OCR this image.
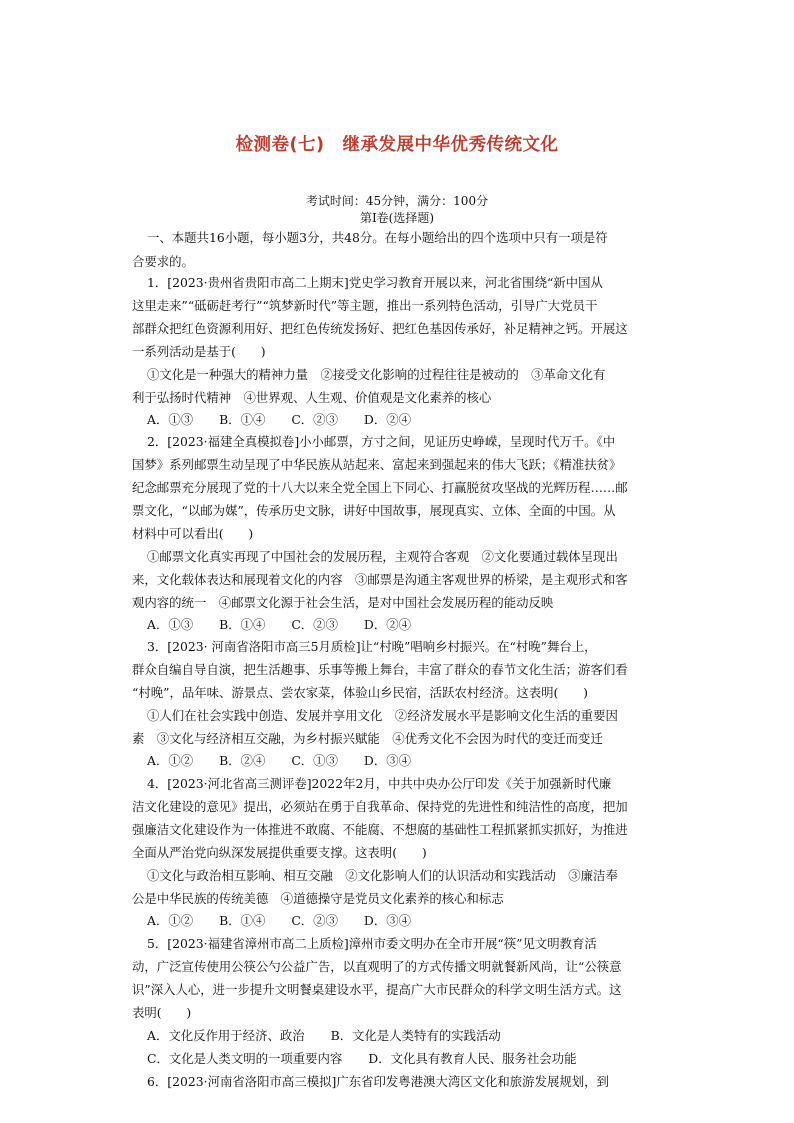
检测卷(七)　继承发展中华优秀传统文化
考试时间：45分钟，满分：100分
第Ⅰ卷(选择题)
一、本题共16小题，每小题3分，共48分。在每小题给出的四个选项中只有一项是符
合要求的。
1．[2023·贵州省贵阳市高二上期末]党史学习教育开展以来，河北省围绕“新中国从
这里走来”“砥砺赶考行”“筑梦新时代”等主题，推出一系列特色活动，引导广大党员干
部群众把红色资源利用好、把红色传统发扬好、把红色基因传承好，补足精神之钙。开展这
一系列活动是基于(　　)
①文化是一种强大的精神力量　②接受文化影响的过程往往是被动的　③革命文化有
利于弘扬时代精神　④世界观、人生观、价值观是文化素养的核心
A．①③ B．①④ C．②③ D．②④
2．[2023·福建全真模拟卷]小小邮票，方寸之间，见证历史峥嵘，呈现时代万千。《中
国梦》系列邮票生动呈现了中华民族从站起来、富起来到强起来的伟大飞跃；《精准扶贫》
纪念邮票充分展现了党的十八大以来全党全国上下同心、打赢脱贫攻坚战的光辉历程……邮
票文化，“以邮为媒”，传承历史文脉，讲好中国故事，展现真实、立体、全面的中国。从
材料中可以看出(　　)
①邮票文化真实再现了中国社会的发展历程，主观符合客观　②文化要通过载体呈现出
来，文化载体表达和展现着文化的内容　③邮票是沟通主客观世界的桥梁，是主观形式和客
观内容的统一　④邮票文化源于社会生活，是对中国社会发展历程的能动反映
A．①③ B．①④ C．②③ D．②④
3．[2023· 河南省洛阳市高三5月质检]让“村晚”唱响乡村振兴。在“村晚”舞台上，
群众自编自导自演，把生活趣事、乐事等搬上舞台，丰富了群众的春节文化生活；游客们看
“村晚”，品年味、游景点、尝农家菜，体验山乡民宿，活跃农村经济。这表明(　　)
①人们在社会实践中创造、发展并享用文化　②经济发展水平是影响文化生活的重要因
素　③文化与经济相互交融，为乡村振兴赋能　④优秀文化不会因为时代的变迁而变迁
A．①② B．②④ C．①③ D．③④
4．[2023·河北省高三测评卷]2022年2月，中共中央办公厅印发《关于加强新时代廉
洁文化建设的意见》提出，必须站在勇于自我革命、保持党的先进性和纯洁性的高度，把加
强廉洁文化建设作为一体推进不敢腐、不能腐、不想腐的基础性工程抓紧抓实抓好，为推进
全面从严治党向纵深发展提供重要支撑。这表明(　　)
①文化与政治相互影响、相互交融　②文化影响人们的认识活动和实践活动　③廉洁奉
公是中华民族的传统美德　④道德操守是党员文化素养的核心和标志
A．①② B．①④ C．②③ D．③④
5．[2023·福建省漳州市高二上质检]漳州市委文明办在全市开展“筷”见文明教育活
动，广泛宣传使用公筷公勺公益广告，以直观明了的方式传播文明就餐新风尚，让“公筷意
识”深入人心，进一步提升文明餐桌建设水平，提高广大市民群众的科学文明生活方式。这
表明(　　)
A．文化反作用于经济、政治 B．文化是人类特有的实践活动
C．文化是人类文明的一项重要内容 D．文化具有教育人民、服务社会功能
6．[2023·河南省洛阳市高三模拟]广东省印发粤港澳大湾区文化和旅游发展规划，到
